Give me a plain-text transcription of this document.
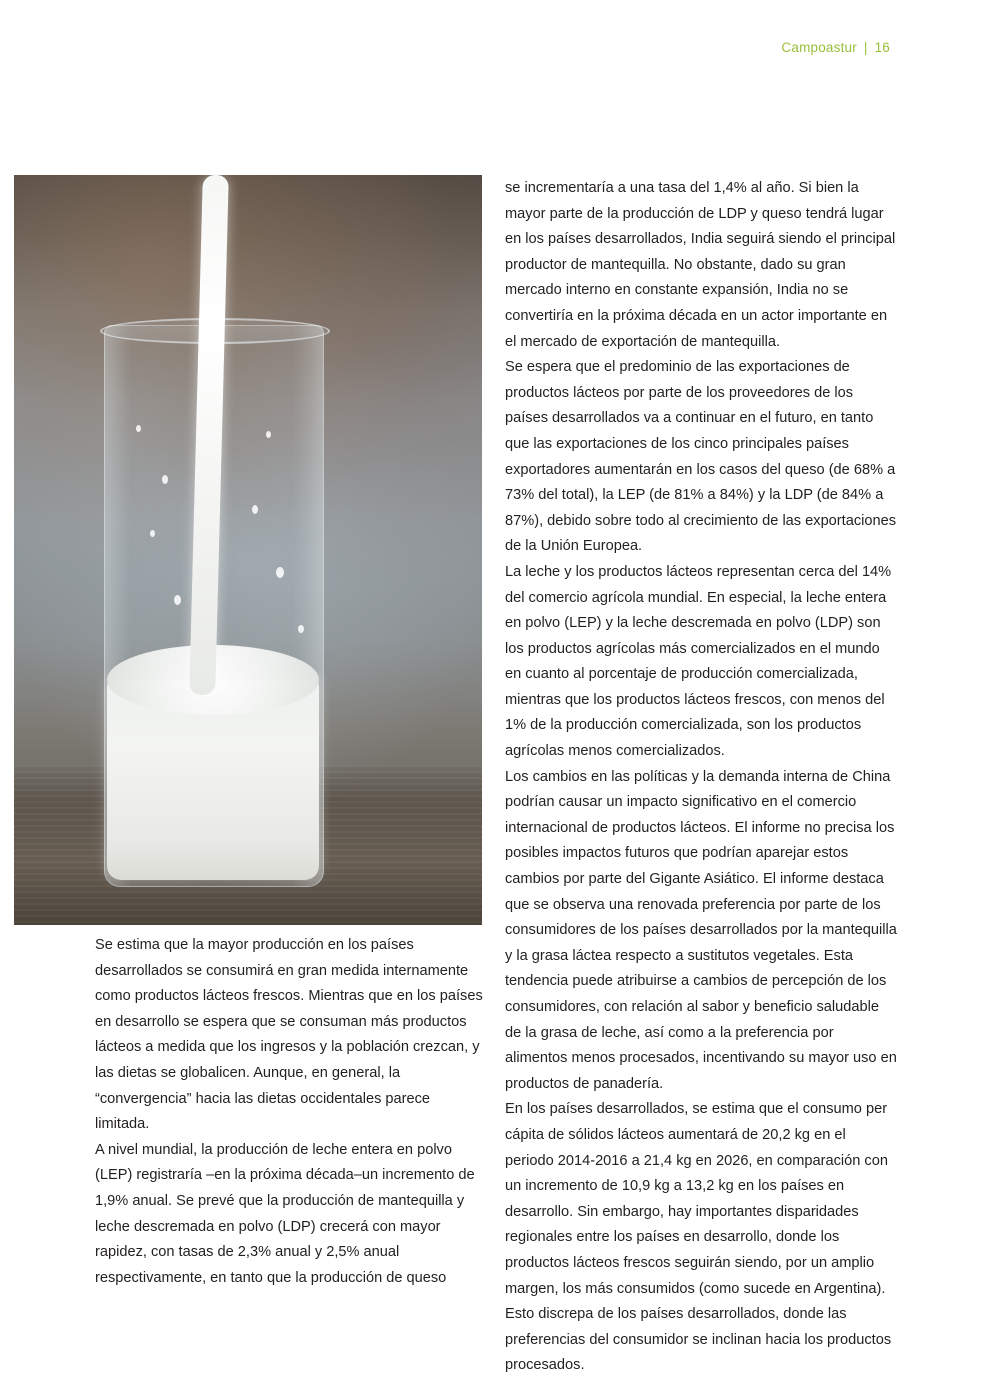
Campoastur | 16

Se estima que la mayor producción en los países desarrollados se consumirá en gran medida internamente como productos lácteos frescos. Mientras que en los países en desarrollo se espera que se consuman más productos lácteos a medida que los ingresos y la población crezcan, y las dietas se globalicen. Aunque, en general, la “convergencia” hacia las dietas occidentales parece limitada.

A nivel mundial, la producción de leche entera en polvo (LEP) registraría –en la próxima década–un incremento de 1,9% anual. Se prevé que la producción de mantequilla y leche descremada en polvo (LDP) crecerá con mayor rapidez, con tasas de 2,3% anual y 2,5% anual respectivamente, en tanto que la producción de queso

se incrementaría a una tasa del 1,4% al año. Si bien la mayor parte de la producción de LDP y queso tendrá lugar en los países desarrollados, India seguirá siendo el principal productor de mantequilla. No obstante, dado su gran mercado interno en constante expansión, India no se convertiría en la próxima década en un actor importante en el mercado de exportación de mantequilla.

Se espera que el predominio de las exportaciones de productos lácteos por parte de los proveedores de los países desarrollados va a continuar en el futuro, en tanto que las exportaciones de los cinco principales países exportadores aumentarán en los casos del queso (de 68% a 73% del total), la LEP (de 81% a 84%) y la LDP (de 84% a 87%), debido sobre todo al crecimiento de las exportaciones de la Unión Europea.

La leche y los productos lácteos representan cerca del 14% del comercio agrícola mundial. En especial, la leche entera en polvo (LEP) y la leche descremada en polvo (LDP) son los productos agrícolas más comercializados en el mundo en cuanto al porcentaje de producción comercializada, mientras que los productos lácteos frescos, con menos del 1% de la producción comercializada, son los productos agrícolas menos comercializados.

Los cambios en las políticas y la demanda interna de China podrían causar un impacto significativo en el comercio internacional de productos lácteos. El informe no precisa los posibles impactos futuros que podrían aparejar estos cambios por parte del Gigante Asiático. El informe destaca que se observa una renovada preferencia por parte de los consumidores de los países desarrollados por la mantequilla y la grasa láctea respecto a sustitutos vegetales. Esta tendencia puede atribuirse a cambios de percepción de los consumidores, con relación al sabor y beneficio saludable de la grasa de leche, así como a la preferencia por alimentos menos procesados, incentivando su mayor uso en productos de panadería.

En los países desarrollados, se estima que el consumo per cápita de sólidos lácteos aumentará de 20,2 kg en el periodo 2014-2016 a 21,4 kg en 2026, en comparación con un incremento de 10,9 kg a 13,2 kg en los países en desarrollo. Sin embargo, hay importantes disparidades regionales entre los países en desarrollo, donde los productos lácteos frescos seguirán siendo, por un amplio margen, los más consumidos (como sucede en Argentina). Esto discrepa de los países desarrollados, donde las preferencias del consumidor se inclinan hacia los productos procesados.
